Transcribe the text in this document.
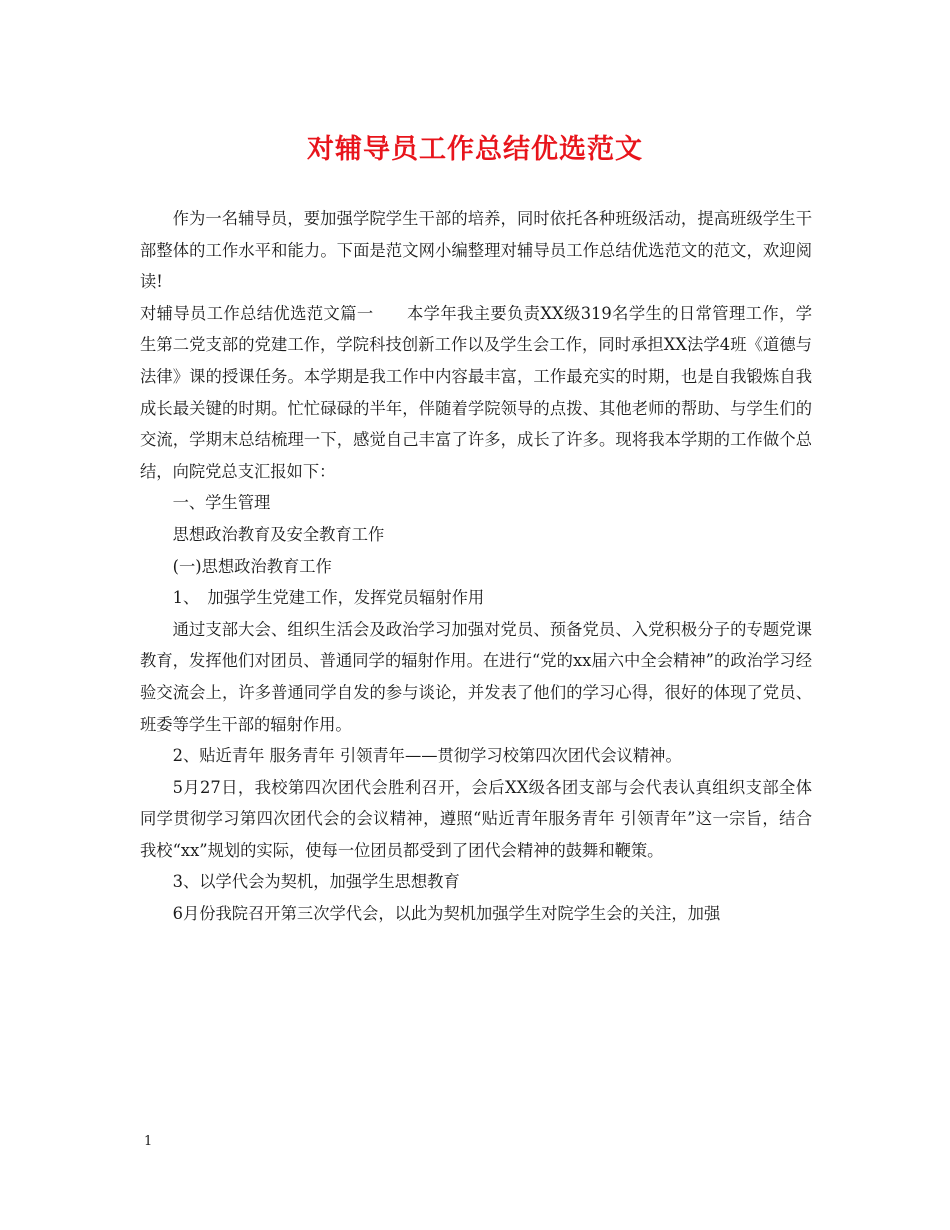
对辅导员工作总结优选范文

作为一名辅导员，要加强学院学生干部的培养，同时依托各种班级活动，提高班级学生干部整体的工作水平和能力。下面是范文网小编整理对辅导员工作总结优选范文的范文，欢迎阅读!

对辅导员工作总结优选范文篇一　　本学年我主要负责XX级319名学生的日常管理工作，学生第二党支部的党建工作，学院科技创新工作以及学生会工作，同时承担XX法学4班《道德与法律》课的授课任务。本学期是我工作中内容最丰富，工作最充实的时期，也是自我锻炼自我成长最关键的时期。忙忙碌碌的半年，伴随着学院领导的点拨、其他老师的帮助、与学生们的交流，学期末总结梳理一下，感觉自己丰富了许多，成长了许多。现将我本学期的工作做个总结，向院党总支汇报如下：

一、学生管理

思想政治教育及安全教育工作

(一)思想政治教育工作

1、　加强学生党建工作，发挥党员辐射作用

通过支部大会、组织生活会及政治学习加强对党员、预备党员、入党积极分子的专题党课教育，发挥他们对团员、普通同学的辐射作用。在进行“党的xx届六中全会精神”的政治学习经验交流会上，许多普通同学自发的参与谈论，并发表了他们的学习心得，很好的体现了党员、班委等学生干部的辐射作用。

2、贴近青年 服务青年 引领青年——贯彻学习校第四次团代会议精神。

5月27日，我校第四次团代会胜利召开，会后XX级各团支部与会代表认真组织支部全体同学贯彻学习第四次团代会的会议精神，遵照“贴近青年服务青年 引领青年”这一宗旨，结合我校“xx”规划的实际，使每一位团员都受到了团代会精神的鼓舞和鞭策。

3、以学代会为契机，加强学生思想教育

6月份我院召开第三次学代会，以此为契机加强学生对院学生会的关注，加强

1
